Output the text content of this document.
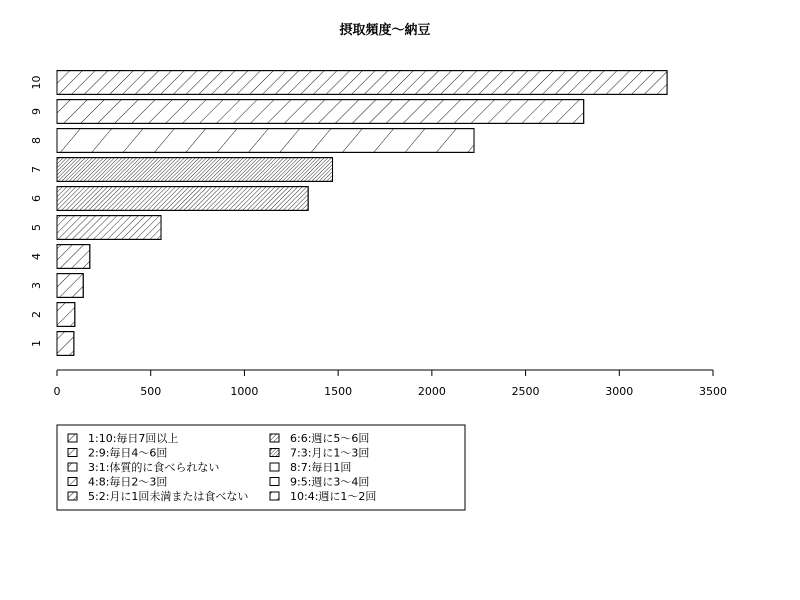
摂取頻度〜納豆
1
2
3
4
5
6
7
8
9
10
0	500	1000	1500	2000	2500	3000	3500
1:10:毎日7回以上
2:9:毎日4〜6回
3:1:体質的に食べられない
4:8:毎日2〜3回
5:2:月に1回未満または食べない
6:6:週に5〜6回
7:3:月に1〜3回
8:7:毎日1回
9:5:週に3〜4回
10:4:週に1〜2回
